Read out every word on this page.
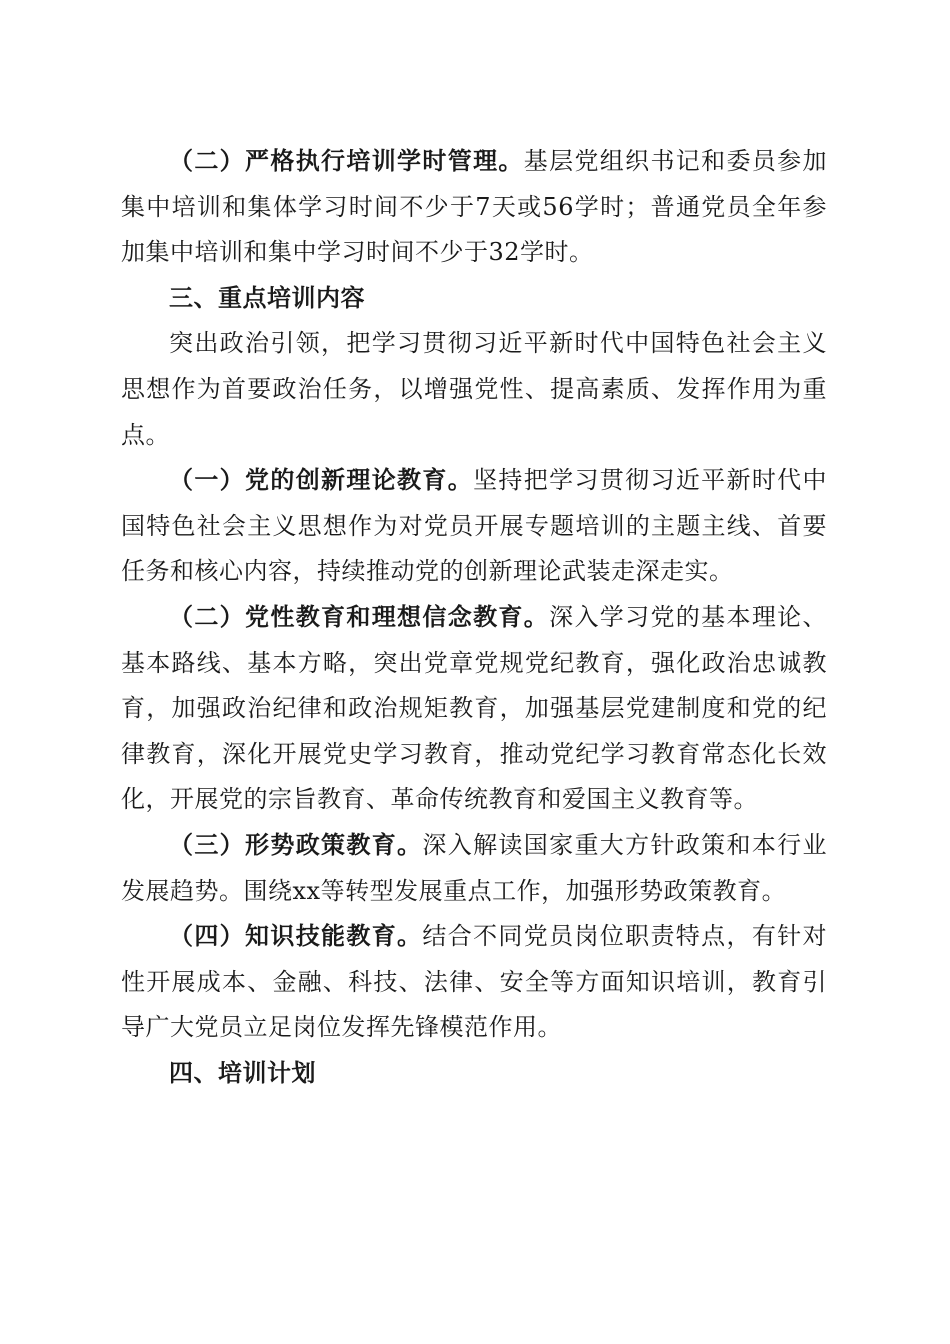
（二）严格执行培训学时管理。基层党组织书记和委员参加集中培训和集体学习时间不少于7天或56学时；普通党员全年参加集中培训和集中学习时间不少于32学时。

三、重点培训内容

突出政治引领，把学习贯彻习近平新时代中国特色社会主义思想作为首要政治任务，以增强党性、提高素质、发挥作用为重点。

（一）党的创新理论教育。坚持把学习贯彻习近平新时代中国特色社会主义思想作为对党员开展专题培训的主题主线、首要任务和核心内容，持续推动党的创新理论武装走深走实。

（二）党性教育和理想信念教育。深入学习党的基本理论、基本路线、基本方略，突出党章党规党纪教育，强化政治忠诚教育，加强政治纪律和政治规矩教育，加强基层党建制度和党的纪律教育，深化开展党史学习教育，推动党纪学习教育常态化长效化，开展党的宗旨教育、革命传统教育和爱国主义教育等。

（三）形势政策教育。深入解读国家重大方针政策和本行业发展趋势。围绕xx等转型发展重点工作，加强形势政策教育。

（四）知识技能教育。结合不同党员岗位职责特点，有针对性开展成本、金融、科技、法律、安全等方面知识培训，教育引导广大党员立足岗位发挥先锋模范作用。

四、培训计划
